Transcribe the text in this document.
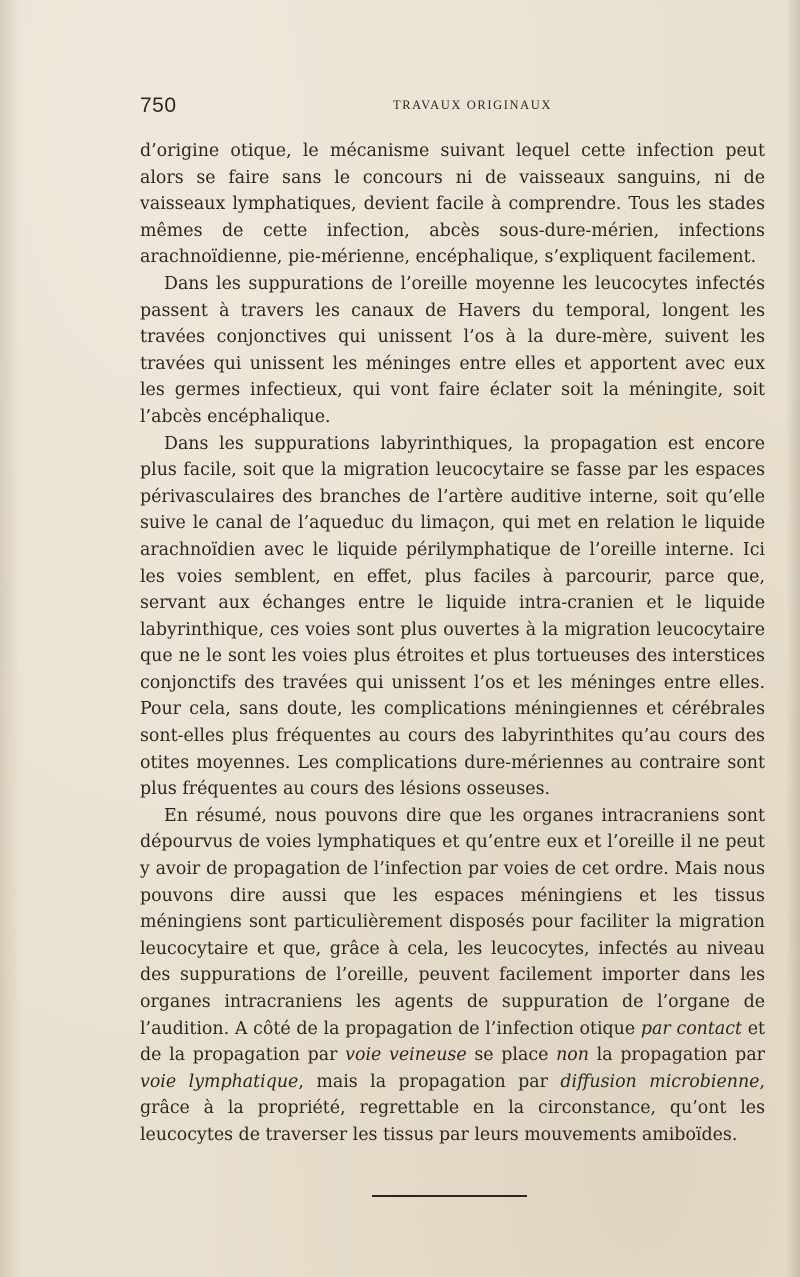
750	TRAVAUX ORIGINAUX

d’origine otique, le mécanisme suivant lequel cette infection peut alors se faire sans le concours ni de vaisseaux sanguins, ni de vaisseaux lymphatiques, devient facile à comprendre. Tous les stades mêmes de cette infection, abcès sous-dure-mérien, infections arachnoïdienne, pie-mérienne, encéphalique, s’expliquent facilement.

Dans les suppurations de l’oreille moyenne les leucocytes infectés passent à travers les canaux de Havers du temporal, longent les travées conjonctives qui unissent l’os à la dure-mère, suivent les travées qui unissent les méninges entre elles et apportent avec eux les germes infectieux, qui vont faire éclater soit la méningite, soit l’abcès encéphalique.

Dans les suppurations labyrinthiques, la propagation est encore plus facile, soit que la migration leucocytaire se fasse par les espaces périvasculaires des branches de l’artère auditive interne, soit qu’elle suive le canal de l’aqueduc du limaçon, qui met en relation le liquide arachnoïdien avec le liquide périlymphatique de l’oreille interne. Ici les voies semblent, en effet, plus faciles à parcourir, parce que, servant aux échanges entre le liquide intra-cranien et le liquide labyrinthique, ces voies sont plus ouvertes à la migration leucocytaire que ne le sont les voies plus étroites et plus tortueuses des interstices conjonctifs des travées qui unissent l’os et les méninges entre elles. Pour cela, sans doute, les complications méningiennes et cérébrales sont-elles plus fréquentes au cours des labyrinthites qu’au cours des otites moyennes. Les complications dure-mériennes au contraire sont plus fréquentes au cours des lésions osseuses.

En résumé, nous pouvons dire que les organes intracraniens sont dépourvus de voies lymphatiques et qu’entre eux et l’oreille il ne peut y avoir de propagation de l’infection par voies de cet ordre. Mais nous pouvons dire aussi que les espaces méningiens et les tissus méningiens sont particulièrement disposés pour faciliter la migration leucocytaire et que, grâce à cela, les leucocytes, infectés au niveau des suppurations de l’oreille, peuvent facilement importer dans les organes intracraniens les agents de suppuration de l’organe de l’audition. A côté de la propagation de l’infection otique par contact et de la propagation par voie veineuse se place non la propagation par voie lymphatique, mais la propagation par diffusion microbienne, grâce à la propriété, regrettable en la circonstance, qu’ont les leucocytes de traverser les tissus par leurs mouvements amiboïdes.
